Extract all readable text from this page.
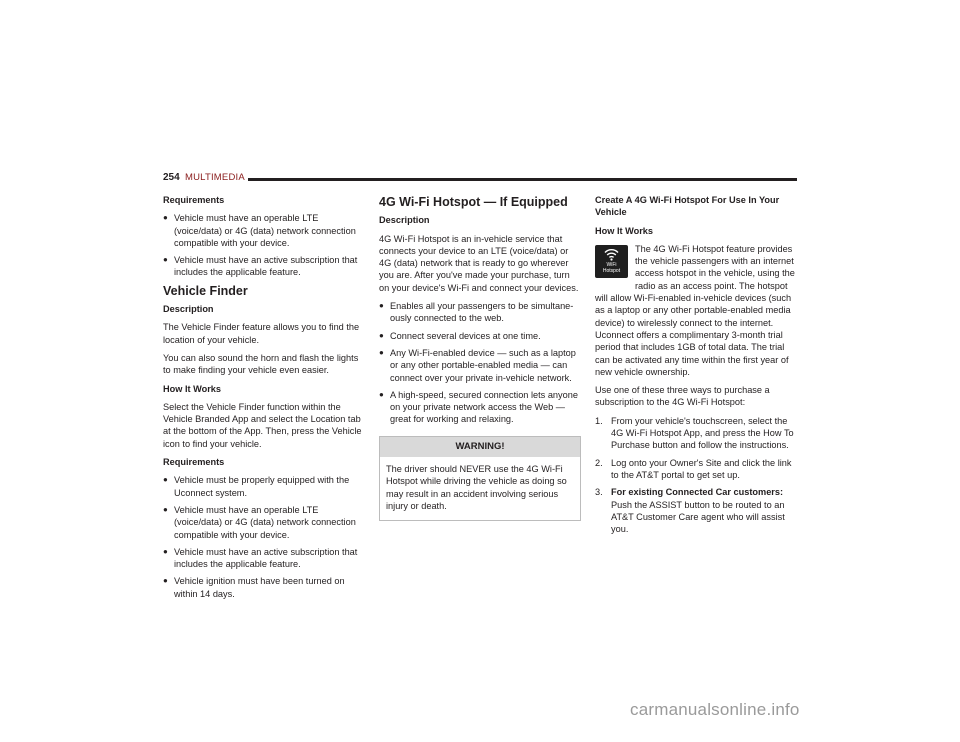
254 MULTIMEDIA
Requirements
● Vehicle must have an operable LTE (voice/data) or 4G (data) network connection compatible with your device.
● Vehicle must have an active subscription that includes the applicable feature.
Vehicle Finder
Description

The Vehicle Finder feature allows you to find the location of your vehicle.

You can also sound the horn and flash the lights to make finding your vehicle even easier.

How It Works

Select the Vehicle Finder function within the Vehicle Branded App and select the Location tab at the bottom of the App. Then, press the Vehicle icon to find your vehicle.

Requirements
● Vehicle must be properly equipped with the Uconnect system.
● Vehicle must have an operable LTE (voice/data) or 4G (data) network connection compatible with your device.
● Vehicle must have an active subscription that includes the applicable feature.
● Vehicle ignition must have been turned on within 14 days.
4G Wi-Fi Hotspot — If Equipped
Description

4G Wi-Fi Hotspot is an in-vehicle service that connects your device to an LTE (voice/data) or 4G (data) network that is ready to go wherever you are. After you've made your purchase, turn on your device's Wi-Fi and connect your devices.

● Enables all your passengers to be simultane-ously connected to the web.
● Connect several devices at one time.
● Any Wi-Fi-enabled device — such as a laptop or any other portable-enabled media — can connect over your private in-vehicle network.
● A high-speed, secured connection lets anyone on your private network access the Web — great for working and relaxing.
WARNING!
The driver should NEVER use the 4G Wi-Fi Hotspot while driving the vehicle as doing so may result in an accident involving serious injury or death.
Create A 4G Wi-Fi Hotspot For Use In Your Vehicle
How It Works

WiFi
Hotspot
The 4G Wi-Fi Hotspot feature provides the vehicle passengers with an internet access hotspot in the vehicle, using the radio as an access point. The hotspot will allow Wi-Fi-enabled in-vehicle devices (such as a laptop or any other portable-enabled media device) to wirelessly connect to the internet. Uconnect offers a complimentary 3-month trial period that includes 1GB of total data. The trial can be activated any time within the first year of new vehicle ownership.

Use one of these three ways to purchase a subscription to the 4G Wi-Fi Hotspot:

1. From your vehicle's touchscreen, select the 4G Wi-Fi Hotspot App, and press the How To Purchase button and follow the instructions.
2. Log onto your Owner's Site and click the link to the AT&T portal to get set up.
3. For existing Connected Car customers: Push the ASSIST button to be routed to an AT&T Customer Care agent who will assist you.
carmanualsonline.info
